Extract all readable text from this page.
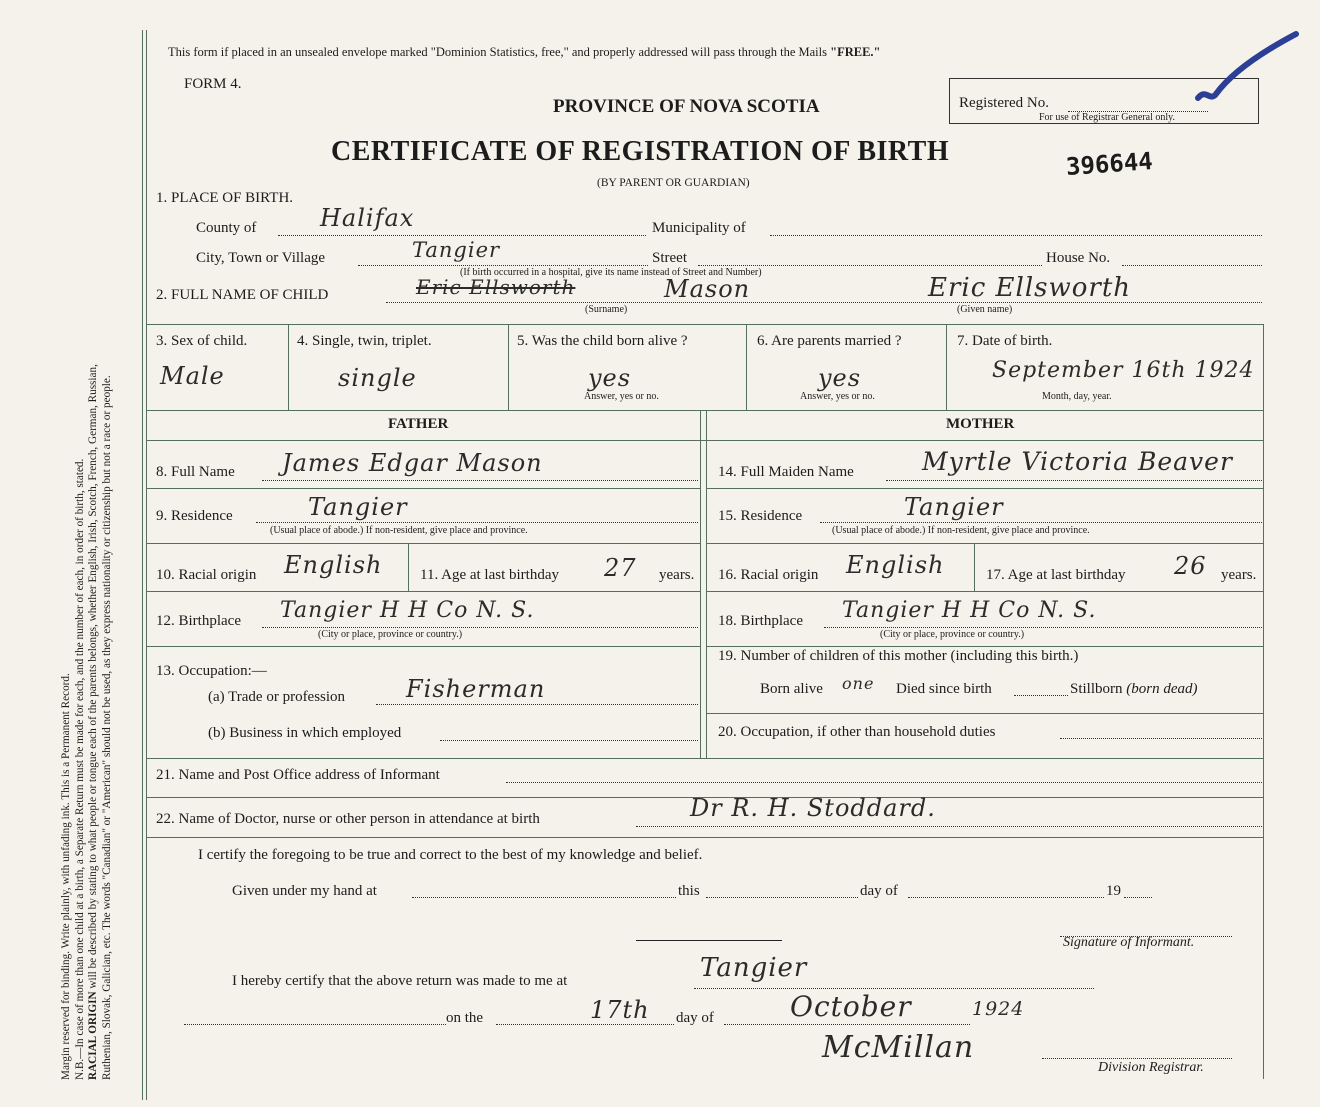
Margin reserved for binding. Write plainly, with unfading ink. This is a Permanent Record. N.B.—In case of more than one child at a birth, a Separate Return must be made for each, and the number of each, in order of birth, stated. RACIAL ORIGIN will be described by stating to what people or tongue each of the parents belongs, whether English, Irish, Scotch, French, German, Russian, Ruthenian, Slovak, Galician, etc. The words "Canadian" or "American" should not be used, as they express nationality or citizenship but not a race or people.
This form if placed in an unsealed envelope marked "Dominion Statistics, free," and properly addressed will pass through the Mails "FREE."
FORM 4.
PROVINCE OF NOVA SCOTIA
CERTIFICATE OF REGISTRATION OF BIRTH
(BY PARENT OR GUARDIAN)
Registered No.
For use of Registrar General only.
396644
1. PLACE OF BIRTH.
County of	Halifax	Municipality of
City, Town or Village	Tangier	Street	House No.
(If birth occurred in a hospital, give its name instead of Street and Number)
2. FULL NAME OF CHILD	Eric Ellsworth	Mason	Eric Ellsworth
(Surname)	(Given name)
3. Sex of child.
Male
4. Single, twin, triplet.
single
5. Was the child born alive ?
yes
Answer, yes or no.
6. Are parents married ?
yes
Answer, yes or no.
7. Date of birth.
September 16th 1924
Month, day, year.
FATHER	MOTHER
8. Full Name James Edgar Mason
9. Residence	Tangier
(Usual place of abode.) If non-resident, give place and province.
10. Racial origin English	11. Age at last birthday 27 years.
12. Birthplace Tangier H H Co N. S.
(City or place, province or country.)
13. Occupation:—
(a) Trade or profession	Fisherman
(b) Business in which employed
14. Full Maiden Name	Myrtle Victoria Beaver
15. Residence	Tangier
(Usual place of abode.) If non-resident, give place and province.
16. Racial origin English	17. Age at last birthday 26 years.
18. Birthplace Tangier H H Co N. S.
(City or place, province or country.)
19. Number of children of this mother (including this birth.)
Born alive one Died since birth	Stillborn (born dead)
20. Occupation, if other than household duties
21. Name and Post Office address of Informant
22. Name of Doctor, nurse or other person in attendance at birth	Dr R. H. Stoddard.
I certify the foregoing to be true and correct to the best of my knowledge and belief.
Given under my hand at	this	day of	19
Signature of Informant.
I hereby certify that the above return was made to me at	Tangier
on the	17th day of	October	1924
McMillan
Division Registrar.
